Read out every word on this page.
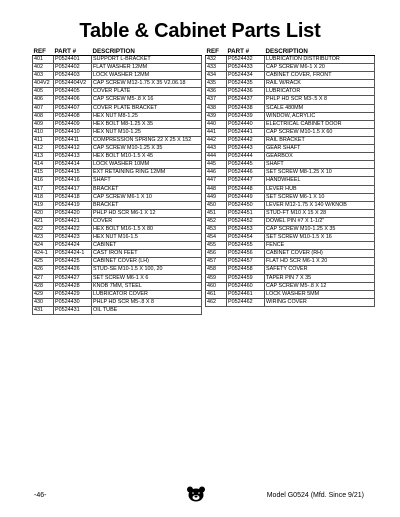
Table & Cabinet Parts List
REF	PART #	DESCRIPTION
401	P0524401	SUPPORT L-BRACKET
402	P0524402	FLAT WASHER 12MM
403	P0524403	LOCK WASHER 12MM
404V2	P0524404V2	CAP SCREW M12-1.75 X 35 V2.06.18
405	P0524405	COVER PLATE
406	P0524406	CAP SCREW M5-.8 X 16
407	P0524407	COVER PLATE BRACKET
408	P0524408	HEX NUT M8-1.25
409	P0524409	HEX BOLT M8-1.25 X 35
410	P0524410	HEX NUT M10-1.25
411	P0524411	COMPRESSION SPRING 22 X 25 X 152
412	P0524412	CAP SCREW M10-1.25 X 35
413	P0524413	HEX BOLT M10-1.5 X 45
414	P0524414	LOCK WASHER 10MM
415	P0524415	EXT RETAINING RING 12MM
416	P0524416	SHAFT
417	P0524417	BRACKET
418	P0524418	CAP SCREW M6-1 X 10
419	P0524419	BRACKET
420	P0524420	PHLP HD SCR M6-1 X 12
421	P0524421	COVER
422	P0524422	HEX BOLT M16-1.5 X 80
423	P0524423	HEX NUT M16-1.5
424	P0524424	CABINET
424-1	P0524424-1	CAST IRON FEET
425	P0524425	CABINET COVER (LH)
426	P0524426	STUD-SE M10-1.5 X 100, 20
427	P0524427	SET SCREW M6-1 X 6
428	P0524428	KNOB 7MM, STEEL
429	P0524429	LUBRICATOR COVER
430	P0524430	PHLP HD SCR M5-.8 X 8
431	P0524431	OIL TUBE
REF	PART #	DESCRIPTION
432	P0524432	LUBRICATION DISTRIBUTOR
433	P0524433	CAP SCREW M6-1 X 20
434	P0524434	CABINET COVER, FRONT
435	P0524435	RAIL W/RACK
436	P0524436	LUBRICATOR
437	P0524437	PHLP HD SCR M3-.5 X 8
438	P0524438	SCALE 480MM
439	P0524439	WINDOW, ACRYLIC
440	P0524440	ELECTRICAL CABINET DOOR
441	P0524441	CAP SCREW M10-1.5 X 60
442	P0524442	RAIL BRACKET
443	P0524443	GEAR SHAFT
444	P0524444	GEARBOX
445	P0524445	SHAFT
446	P0524446	SET SCREW M8-1.25 X 10
447	P0524447	HANDWHEEL
448	P0524448	LEVER HUB
449	P0524449	SET SCREW M6-1 X 10
450	P0524450	LEVER M12-1.75 X 140 W/KNOB
451	P0524451	STUD-FT M10 X 15 X 28
452	P0524452	DOWEL PIN #7 X 1-1/2"
453	P0524453	CAP SCREW M10-1.25 X 35
454	P0524454	SET SCREW M10-1.5 X 16
455	P0524455	FENCE
456	P0524456	CABINET COVER (RH)
457	P0524457	FLAT HD SCR M6-1 X 20
458	P0524458	SAFETY COVER
459	P0524459	TAPER PIN 7 X 35
460	P0524460	CAP SCREW M5-.8 X 12
461	P0524461	LOCK WASHER 5MM
462	P0524462	WIRING COVER
-46-	Model G0524 (Mfd. Since 9/21)
